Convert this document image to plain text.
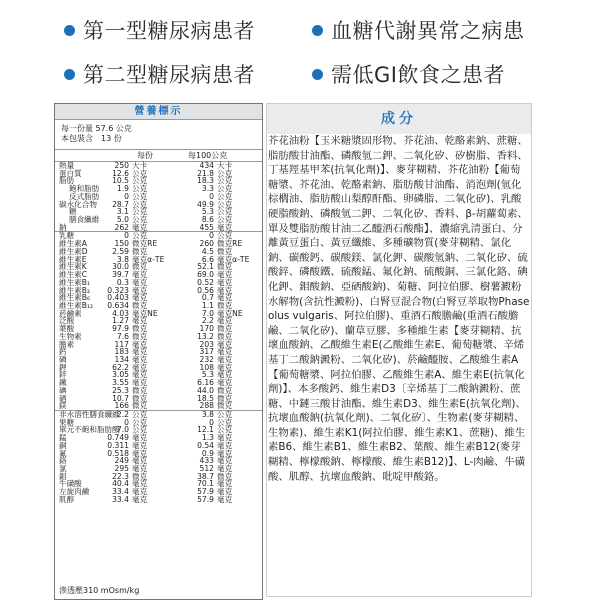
第一型糖尿病患者	血糖代謝異常之病患
第二型糖尿病患者	需低GI飲食之患者
營養標示
每一份量 57.6 公克
本包裝含　13 份
每份	每100公克
熱量	250 大卡	434 大卡
蛋白質	12.6 公克	21.8 公克
脂肪	10.5 公克	18.3 公克
飽和脂肪 1.9 公克	3.3 公克
反式脂肪	0 公克	0 公克
碳水化合物 28.7 公克	49.9 公克
糖	3.1 公克	5.3 公克
膳食纖維 5.0 公克	8.6 公克
鈉	262 毫克	455 毫克
乳糖	0 公克	0 公克
維生素A	150 微克RE	260 微克RE
維生素D	2.59 微克	4.5 微克
維生素E	3.8 毫克α-TE	6.6 毫克α-TE
維生素K	30.0 微克	52.1 微克
維生素C	39.7 毫克	69.0 毫克
維生素B₁	0.3 毫克	0.52 毫克
維生素B₂ 0.323 毫克	0.56 毫克
維生素B₆ 0.403 毫克	0.7 毫克
維生素B₁₂ 0.634 微克	1.1 微克
菸鹼素	4.03 毫克NE	7.0 毫克NE
泛酸	1.27 毫克	2.2 毫克
葉酸	97.9 微克	170 微克
生物素	7.6 微克	13.2 微克
膽素	117 毫克	203 毫克
鈣	183 毫克	317 毫克
磷	134 毫克	232 毫克
鉀	62.2 毫克	108 毫克
鋅	3.05 毫克	5.3 毫克
鐵	3.55 毫克	6.16 毫克
碘	25.3 微克	44.0 微克
硒	10.7 微克	18.5 微克
鎂	166 微克	288 微克
非水溶性膳食纖維
2.2 公克	3.8 公克
果糖	0 公克	0 公克
單元不飽和脂肪酸
7.0 公克	12.1 公克
錳	0.749 毫克	1.3 毫克
銅	0.311 毫克	0.54 毫克
氟	0.518 毫克	0.9 毫克
鉻	249 毫克	433 毫克
氯	295 毫克	512 毫克
鉬	22.3 微克	38.7 微克
牛磺酸	40.4 毫克	70.1 毫克
左旋肉鹼	33.4 毫克	57.9 毫克
肌醇	33.4 毫克	57.9 毫克
滲透壓310 mOsm/kg
成分
芥花油粉【玉米糖漿固形物、芥花油、乾酪素鈉、蔗糖、脂肪酸甘油酯、磷酸氫二鉀、二氧化矽、矽樹脂、香料、丁基羥基甲苯(抗氧化劑)】、麥芽糊精、芥花油粉【葡萄糖漿、芥花油、乾酪素鈉、脂肪酸甘油酯、消泡劑(氫化棕櫚油、脂肪酸山梨醇酐酯、卵磷脂、二氧化矽)、乳酸硬脂酸鈉、磷酸氫二鉀、二氧化矽、香料、β-胡蘿蔔素、單及雙脂肪酸甘油二乙醯酒石酸酯】、濃縮乳清蛋白、分離黃豆蛋白、黃豆纖維、多種礦物質(麥芽糊精、氯化鈉、碳酸鈣、碳酸鎂、氯化鉀、碳酸氫鈉、二氧化矽、硫酸鋅、磷酸鐵、硫酸錳、氟化鈉、硫酸銅、三氯化鉻、碘化鉀、鉬酸鈉、亞硒酸鈉)、菊糖、阿拉伯膠、樹薯澱粉水解物(含抗性澱粉)、白腎豆混合物(白腎豆萃取物Phaseolus vulgaris、阿拉伯膠)、重酒石酸膽鹼(重酒石酸膽鹼、二氧化矽)、蘭草豆膠、多種維生素【麥芽糊精、抗壞血酸鈉、乙酸維生素E(乙酸維生素E、葡萄糖漿、辛烯基丁二酸鈉澱粉、二氧化矽)、菸鹼醯胺、乙酸維生素A【葡萄糖漿、阿拉伯膠、乙酸維生素A、維生素E(抗氧化劑)】、本多酸鈣、維生素D3〔辛烯基丁二酸鈉澱粉、蔗糖、中鏈三酸甘油酯、維生素D3、維生素E(抗氧化劑)、抗壞血酸鈉(抗氧化劑)、二氧化矽〕、生物素(麥芽糊精、生物素)、維生素K1(阿拉伯膠、維生素K1、蔗糖)、維生素B6、維生素B1、維生素B2、葉酸、維生素B12(麥芽糊精、檸檬酸鈉、檸檬酸、維生素B12)】、L-肉鹼、牛磺酸、肌醇、抗壞血酸鈉、吡啶甲酸鉻。
